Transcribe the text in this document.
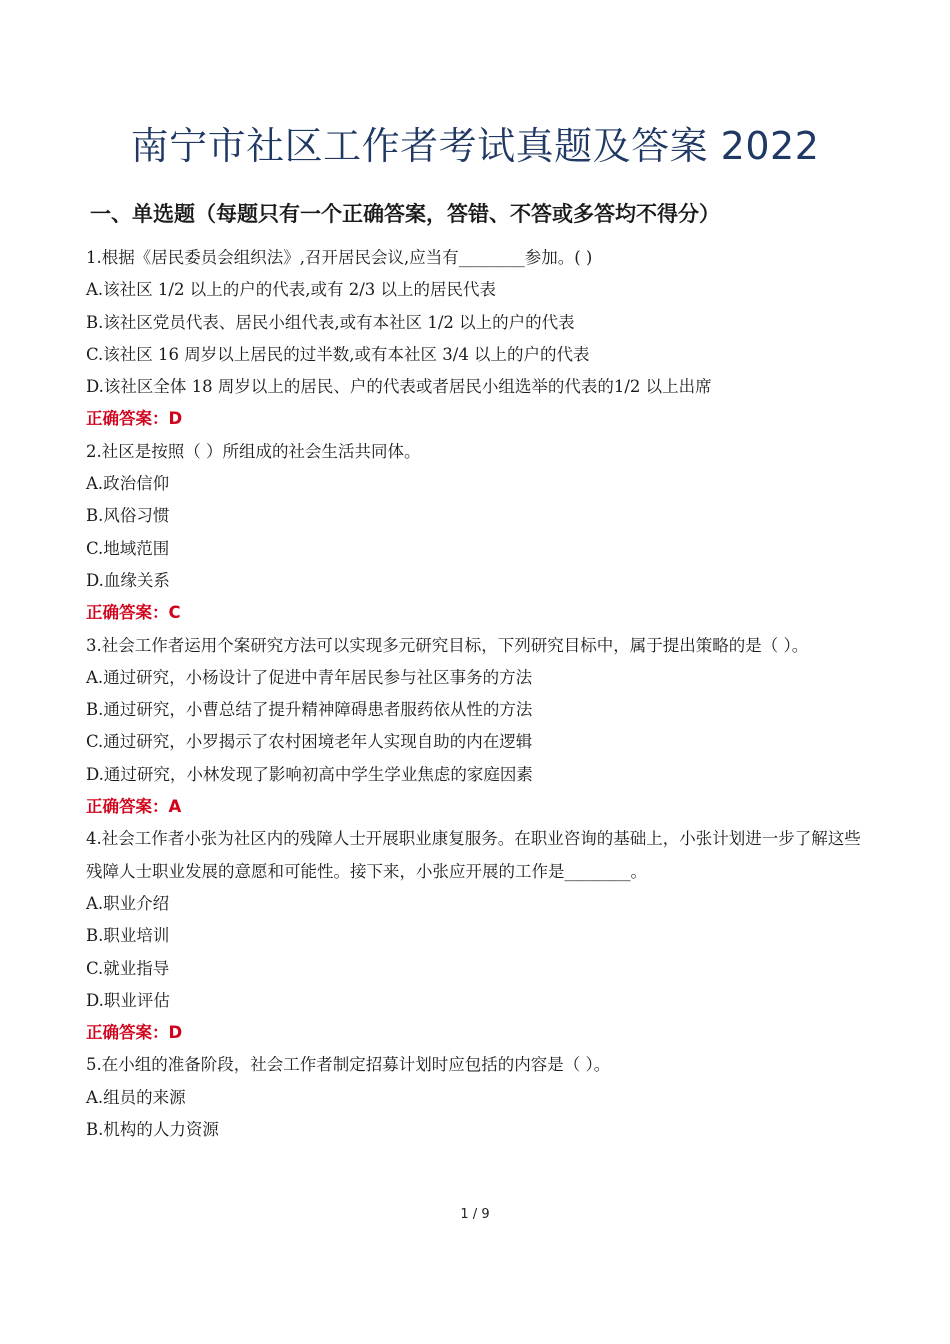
南宁市社区工作者考试真题及答案 2022
一、单选题（每题只有一个正确答案，答错、不答或多答均不得分）
1.根据《居民委员会组织法》,召开居民会议,应当有________参加。( )
A.该社区 1/2 以上的户的代表,或有 2/3 以上的居民代表
B.该社区党员代表、居民小组代表,或有本社区 1/2 以上的户的代表
C.该社区 16 周岁以上居民的过半数,或有本社区 3/4 以上的户的代表
D.该社区全体 18 周岁以上的居民、户的代表或者居民小组选举的代表的1/2 以上出席
正确答案：D
2.社区是按照（ ）所组成的社会生活共同体。
A.政治信仰
B.风俗习惯
C.地域范围
D.血缘关系
正确答案：C
3.社会工作者运用个案研究方法可以实现多元研究目标，下列研究目标中，属于提出策略的是（ ）。
A.通过研究，小杨设计了促进中青年居民参与社区事务的方法
B.通过研究，小曹总结了提升精神障碍患者服药依从性的方法
C.通过研究，小罗揭示了农村困境老年人实现自助的内在逻辑
D.通过研究，小林发现了影响初高中学生学业焦虑的家庭因素
正确答案：A
4.社会工作者小张为社区内的残障人士开展职业康复服务。在职业咨询的基础上，小张计划进一步了解这些残障人士职业发展的意愿和可能性。接下来，小张应开展的工作是________。
A.职业介绍
B.职业培训
C.就业指导
D.职业评估
正确答案：D
5.在小组的准备阶段，社会工作者制定招募计划时应包括的内容是（ ）。
A.组员的来源
B.机构的人力资源
1 / 9
